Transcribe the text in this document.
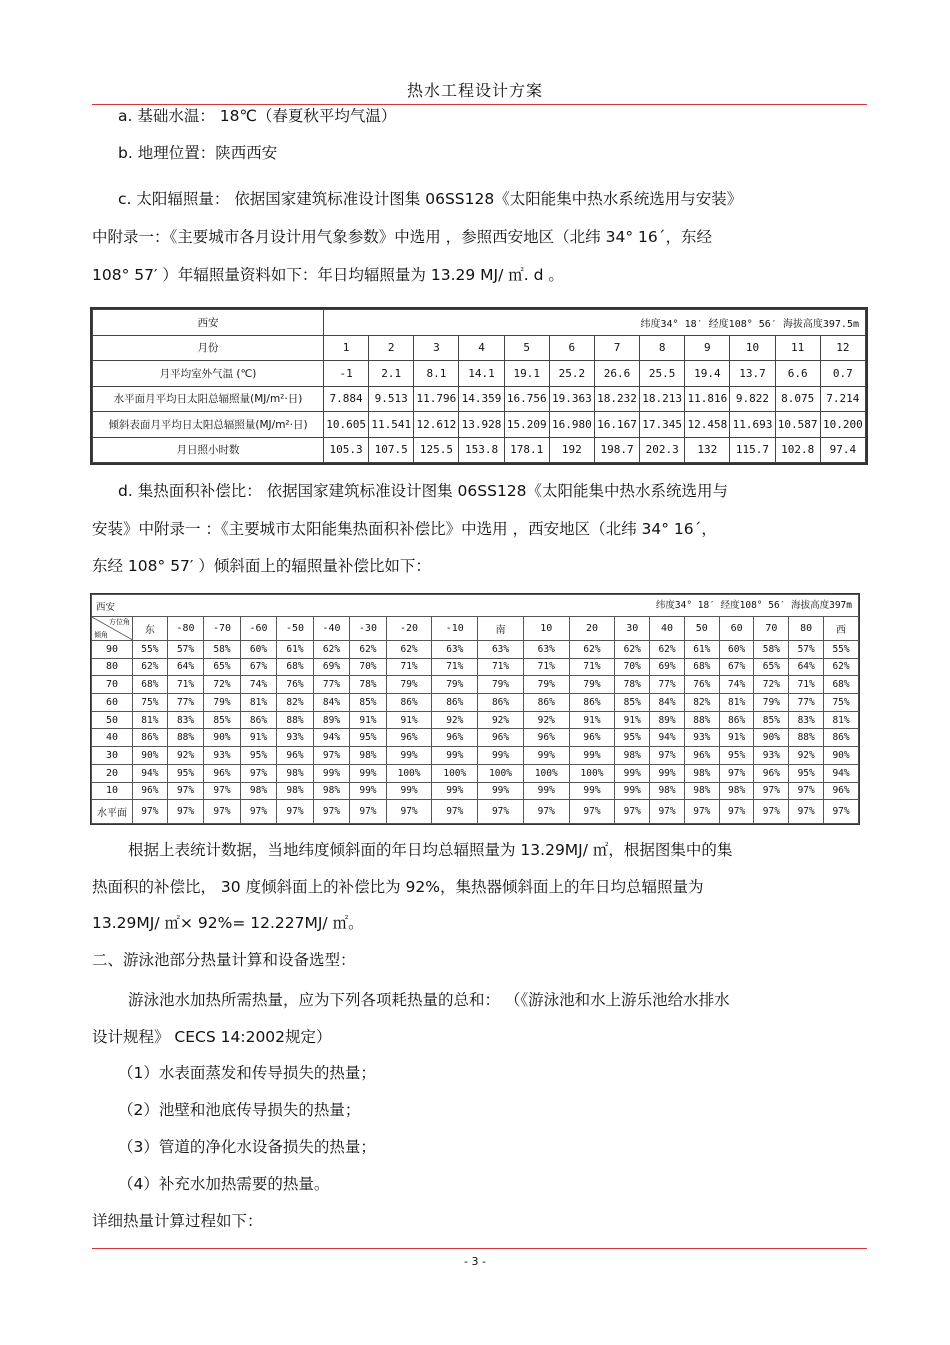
热水工程设计方案
a. 基础水温： 18℃（春夏秋平均气温）
b. 地理位置：陕西西安
c. 太阳辐照量： 依据国家建筑标准设计图集 06SS128《太阳能集中热水系统选用与安装》
中附录一：《主要城市各月设计用气象参数》中选用 ，参照西安地区（北纬 34° 16ˊ，东经
108° 57′ ）年辐照量资料如下：年日均辐照量为 13.29 MJ/ ㎡. d 。
西安	纬度34° 18′ 经度108° 56′ 海拔高度397.5m											
月份	1	2	3	4	5	6	7	8	9	10	11	12
月平均室外气温 (℃)	-1	2.1	8.1	14.1	19.1	25.2	26.6	25.5	19.4	13.7	6.6	0.7
水平面月平均日太阳总辐照量(MJ/m²·日)	7.884	9.513	11.796	14.359	16.756	19.363	18.232	18.213	11.816	9.822	8.075	7.214
倾斜表面月平均日太阳总辐照量(MJ/m²·日)	10.605	11.541	12.612	13.928	15.209	16.980	16.167	17.345	12.458	11.693	10.587	10.200
月日照小时数	105.3	107.5	125.5	153.8	178.1	192	198.7	202.3	132	115.7	102.8	97.4
d. 集热面积补偿比： 依据国家建筑标准设计图集 06SS128《太阳能集中热水系统选用与
安装》中附录一 ：《主要城市太阳能集热面积补偿比》中选用 ，西安地区（北纬 34° 16ˊ，
东经 108° 57′ ）倾斜面上的辐照量补偿比如下：
西安 纬度34° 18′ 经度108° 56′ 海拔高度397m																			

方位角
倾角	东	-80	-70	-60	-50	-40	-30	-20	-10	南	10	20	30	40	50	60	70	80	西
90	55%	57%	58%	60%	61%	62%	62%	62%	63%	63%	63%	62%	62%	62%	61%	60%	58%	57%	55%
80	62%	64%	65%	67%	68%	69%	70%	71%	71%	71%	71%	71%	70%	69%	68%	67%	65%	64%	62%
70	68%	71%	72%	74%	76%	77%	78%	79%	79%	79%	79%	79%	78%	77%	76%	74%	72%	71%	68%
60	75%	77%	79%	81%	82%	84%	85%	86%	86%	86%	86%	86%	85%	84%	82%	81%	79%	77%	75%
50	81%	83%	85%	86%	88%	89%	91%	91%	92%	92%	92%	91%	91%	89%	88%	86%	85%	83%	81%
40	86%	88%	90%	91%	93%	94%	95%	96%	96%	96%	96%	96%	95%	94%	93%	91%	90%	88%	86%
30	90%	92%	93%	95%	96%	97%	98%	99%	99%	99%	99%	99%	98%	97%	96%	95%	93%	92%	90%
20	94%	95%	96%	97%	98%	99%	99%	100%	100%	100%	100%	100%	99%	99%	98%	97%	96%	95%	94%
10	96%	97%	97%	98%	98%	98%	99%	99%	99%	99%	99%	99%	99%	98%	98%	98%	97%	97%	96%
水平面	97%	97%	97%	97%	97%	97%	97%	97%	97%	97%	97%	97%	97%	97%	97%	97%	97%	97%	97%
根据上表统计数据，当地纬度倾斜面的年日均总辐照量为 13.29MJ/ ㎡，根据图集中的集
热面积的补偿比， 30 度倾斜面上的补偿比为 92%，集热器倾斜面上的年日均总辐照量为
13.29MJ/ ㎡× 92%= 12.227MJ/ ㎡。
二、游泳池部分热量计算和设备选型：
游泳池水加热所需热量，应为下列各项耗热量的总和： （《游泳池和水上游乐池给水排水
设计规程》 CECS 14:2002规定）
（1）水表面蒸发和传导损失的热量；
（2）池壁和池底传导损失的热量；
（3）管道的净化水设备损失的热量；
（4）补充水加热需要的热量。
详细热量计算过程如下：
- 3 -
